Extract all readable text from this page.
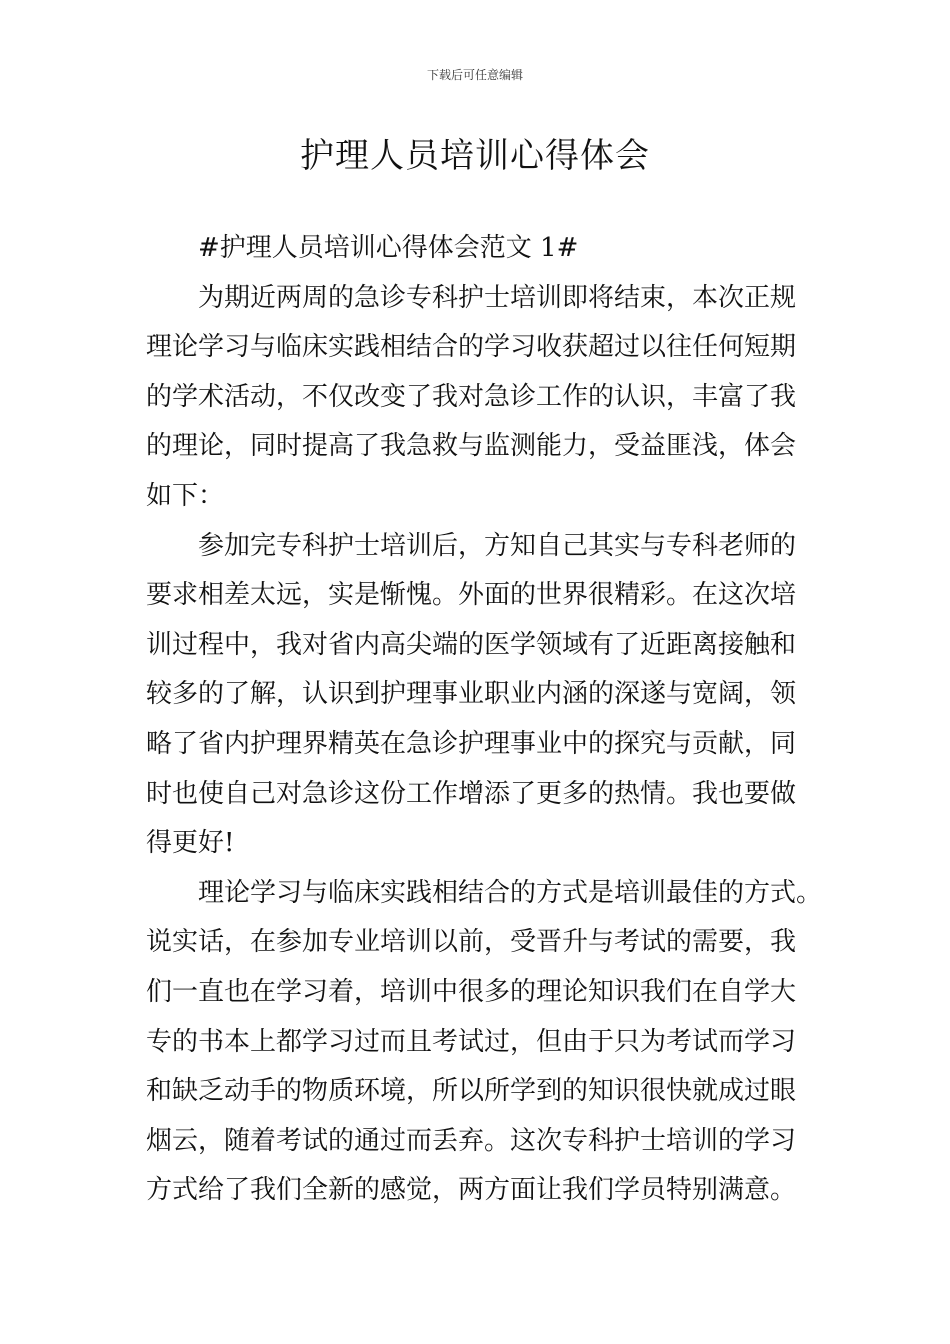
下载后可任意编辑
护理人员培训心得体会
#护理人员培训心得体会范文 1#
为期近两周的急诊专科护士培训即将结束，本次正规
理论学习与临床实践相结合的学习收获超过以往任何短期
的学术活动，不仅改变了我对急诊工作的认识，丰富了我
的理论，同时提高了我急救与监测能力，受益匪浅，体会
如下：
参加完专科护士培训后，方知自己其实与专科老师的
要求相差太远，实是惭愧。外面的世界很精彩。在这次培
训过程中，我对省内高尖端的医学领域有了近距离接触和
较多的了解，认识到护理事业职业内涵的深遂与宽阔，领
略了省内护理界精英在急诊护理事业中的探究与贡献，同
时也使自己对急诊这份工作增添了更多的热情。我也要做
得更好!
理论学习与临床实践相结合的方式是培训最佳的方式。
说实话，在参加专业培训以前，受晋升与考试的需要，我
们一直也在学习着，培训中很多的理论知识我们在自学大
专的书本上都学习过而且考试过，但由于只为考试而学习
和缺乏动手的物质环境，所以所学到的知识很快就成过眼
烟云，随着考试的通过而丢弃。这次专科护士培训的学习
方式给了我们全新的感觉，两方面让我们学员特别满意。
